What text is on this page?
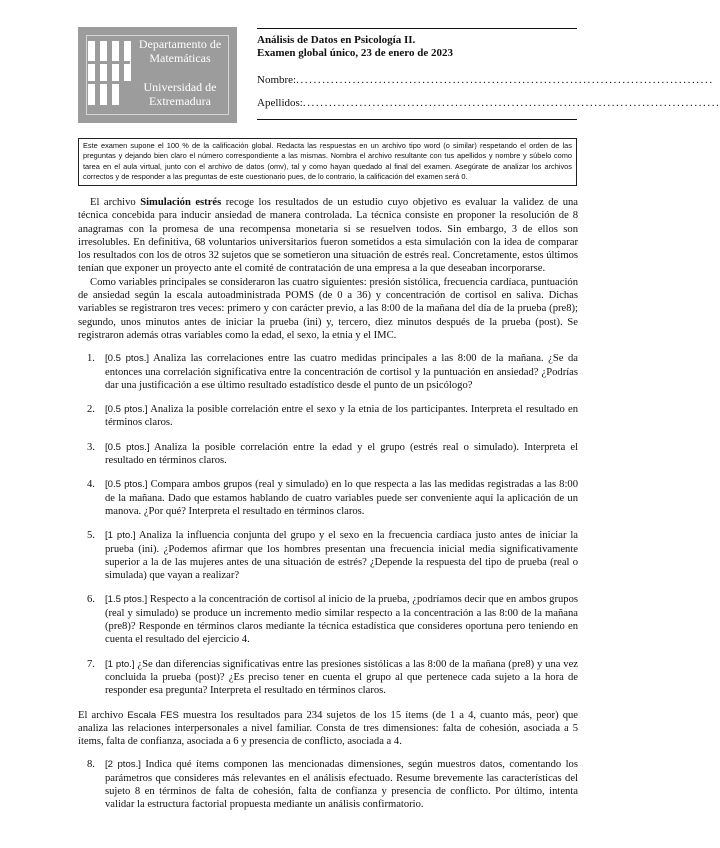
Departamento de Matemáticas
Universidad de Extremadura
Análisis de Datos en Psicología II.
Examen global único, 23 de enero de 2023
Nombre:................................................................................................
Apellidos:................................................................................................
Este examen supone el 100 % de la calificación global. Redacta las respuestas en un archivo tipo word (o similar) respetando el orden de las preguntas y dejando bien claro el número correspondiente a las mismas. Nombra el archivo resultante con tus apellidos y nombre y súbelo como tarea en el aula virtual, junto con el archivo de datos (omv), tal y como hayan quedado al final del examen. Asegúrate de analizar los archivos correctos y de responder a las preguntas de este cuestionario pues, de lo contrario, la calificación del examen será 0.

El archivo Simulación estrés recoge los resultados de un estudio cuyo objetivo es evaluar la validez de una técnica concebida para inducir ansiedad de manera controlada. La técnica consiste en proponer la resolución de 8 anagramas con la promesa de una recompensa monetaria si se resuelven todos. Sin embargo, 3 de ellos son irresolubles. En definitiva, 68 voluntarios universitarios fueron sometidos a esta simulación con la idea de comparar los resultados con los de otros 32 sujetos que se sometieron una situación de estrés real. Concretamente, estos últimos tenían que exponer un proyecto ante el comité de contratación de una empresa a la que deseaban incorporarse.

Como variables principales se consideraron las cuatro siguientes: presión sistólica, frecuencia cardíaca, puntuación de ansiedad según la escala autoadministrada POMS (de 0 a 36) y concentración de cortisol en saliva. Dichas variables se registraron tres veces: primero y con carácter previo, a las 8:00 de la mañana del día de la prueba (pre8); segundo, unos minutos antes de iniciar la prueba (ini) y, tercero, diez minutos después de la prueba (post). Se registraron además otras variables como la edad, el sexo, la etnia y el IMC.

1. [0.5 ptos.] Analiza las correlaciones entre las cuatro medidas principales a las 8:00 de la mañana. ¿Se da entonces una correlación significativa entre la concentración de cortisol y la puntuación en ansiedad? ¿Podrías dar una justificación a ese último resultado estadístico desde el punto de un psicólogo?
2. [0.5 ptos.] Analiza la posible correlación entre el sexo y la etnia de los participantes. Interpreta el resultado en términos claros.
3. [0.5 ptos.] Analiza la posible correlación entre la edad y el grupo (estrés real o simulado). Interpreta el resultado en términos claros.
4. [0.5 ptos.] Compara ambos grupos (real y simulado) en lo que respecta a las las medidas registradas a las 8:00 de la mañana. Dado que estamos hablando de cuatro variables puede ser conveniente aquí la aplicación de un manova. ¿Por qué? Interpreta el resultado en términos claros.
5. [1 pto.] Analiza la influencia conjunta del grupo y el sexo en la frecuencia cardíaca justo antes de iniciar la prueba (ini). ¿Podemos afirmar que los hombres presentan una frecuencia inicial media significativamente superior a la de las mujeres antes de una situación de estrés? ¿Depende la respuesta del tipo de prueba (real o simulada) que vayan a realizar?
6. [1.5 ptos.] Respecto a la concentración de cortisol al inicio de la prueba, ¿podríamos decir que en ambos grupos (real y simulado) se produce un incremento medio similar respecto a la concentración a las 8:00 de la mañana (pre8)? Responde en términos claros mediante la técnica estadística que consideres oportuna pero teniendo en cuenta el resultado del ejercicio 4.
7. [1 pto.] ¿Se dan diferencias significativas entre las presiones sistólicas a las 8:00 de la mañana (pre8) y una vez concluida la prueba (post)? ¿Es preciso tener en cuenta el grupo al que pertenece cada sujeto a la hora de responder esa pregunta? Interpreta el resultado en términos claros.

El archivo Escala FES muestra los resultados para 234 sujetos de los 15 ítems (de 1 a 4, cuanto más, peor) que analiza las relaciones interpersonales a nivel familiar. Consta de tres dimensiones: falta de cohesión, asociada a 5 ítems, falta de confianza, asociada a 6 y presencia de conflicto, asociada a 4.

8. [2 ptos.] Indica qué ítems componen las mencionadas dimensiones, según muestros datos, comentando los parámetros que consideres más relevantes en el análisis efectuado. Resume brevemente las características del sujeto 8 en términos de falta de cohesión, falta de confianza y presencia de conflicto. Por último, intenta validar la estructura factorial propuesta mediante un análisis confirmatorio.
